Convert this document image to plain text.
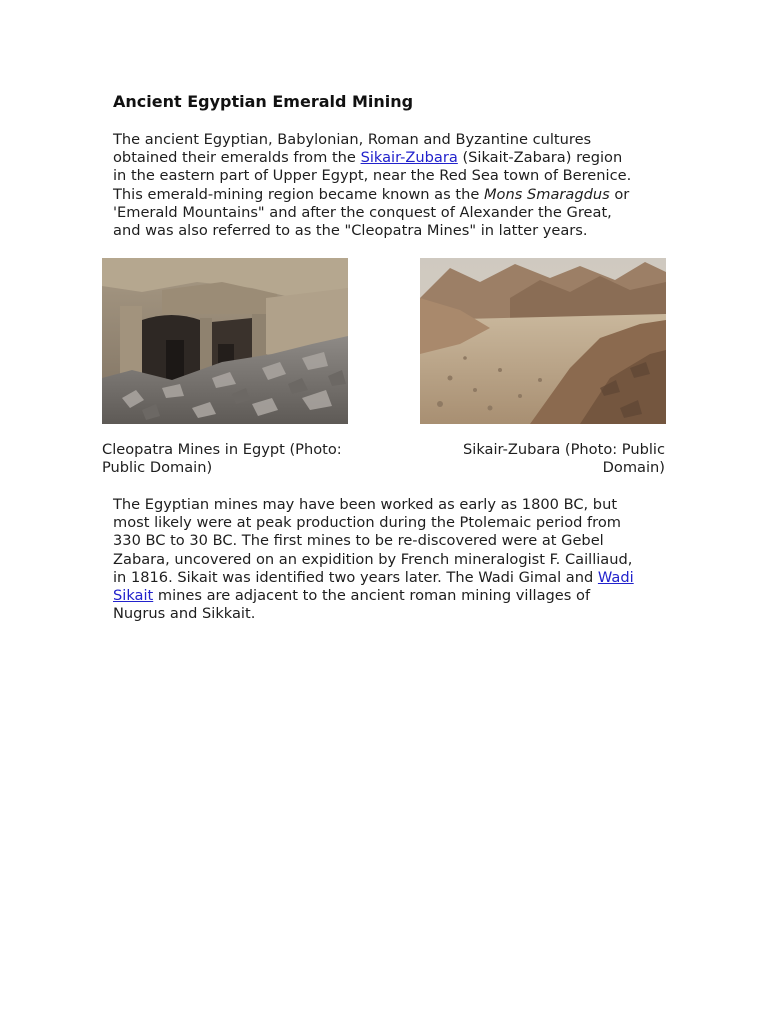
Ancient Egyptian Emerald Mining
The ancient Egyptian, Babylonian, Roman and Byzantine cultures
obtained their emeralds from the Sikair-Zubara (Sikait-Zabara) region
in the eastern part of Upper Egypt, near the Red Sea town of Berenice.
This emerald-mining region became known as the Mons Smaragdus or
'Emerald Mountains" and after the conquest of Alexander the Great,
and was also referred to as the "Cleopatra Mines" in latter years.
Cleopatra Mines in Egypt (Photo:
Public Domain)
Sikair-Zubara (Photo: Public
Domain)
The Egyptian mines may have been worked as early as 1800 BC, but
most likely were at peak production during the Ptolemaic period from
330 BC to 30 BC. The first mines to be re-discovered were at Gebel
Zabara, uncovered on an expidition by French mineralogist F. Cailliaud,
in 1816. Sikait was identified two years later. The Wadi Gimal and Wadi
Sikait mines are adjacent to the ancient roman mining villages of
Nugrus and Sikkait.
